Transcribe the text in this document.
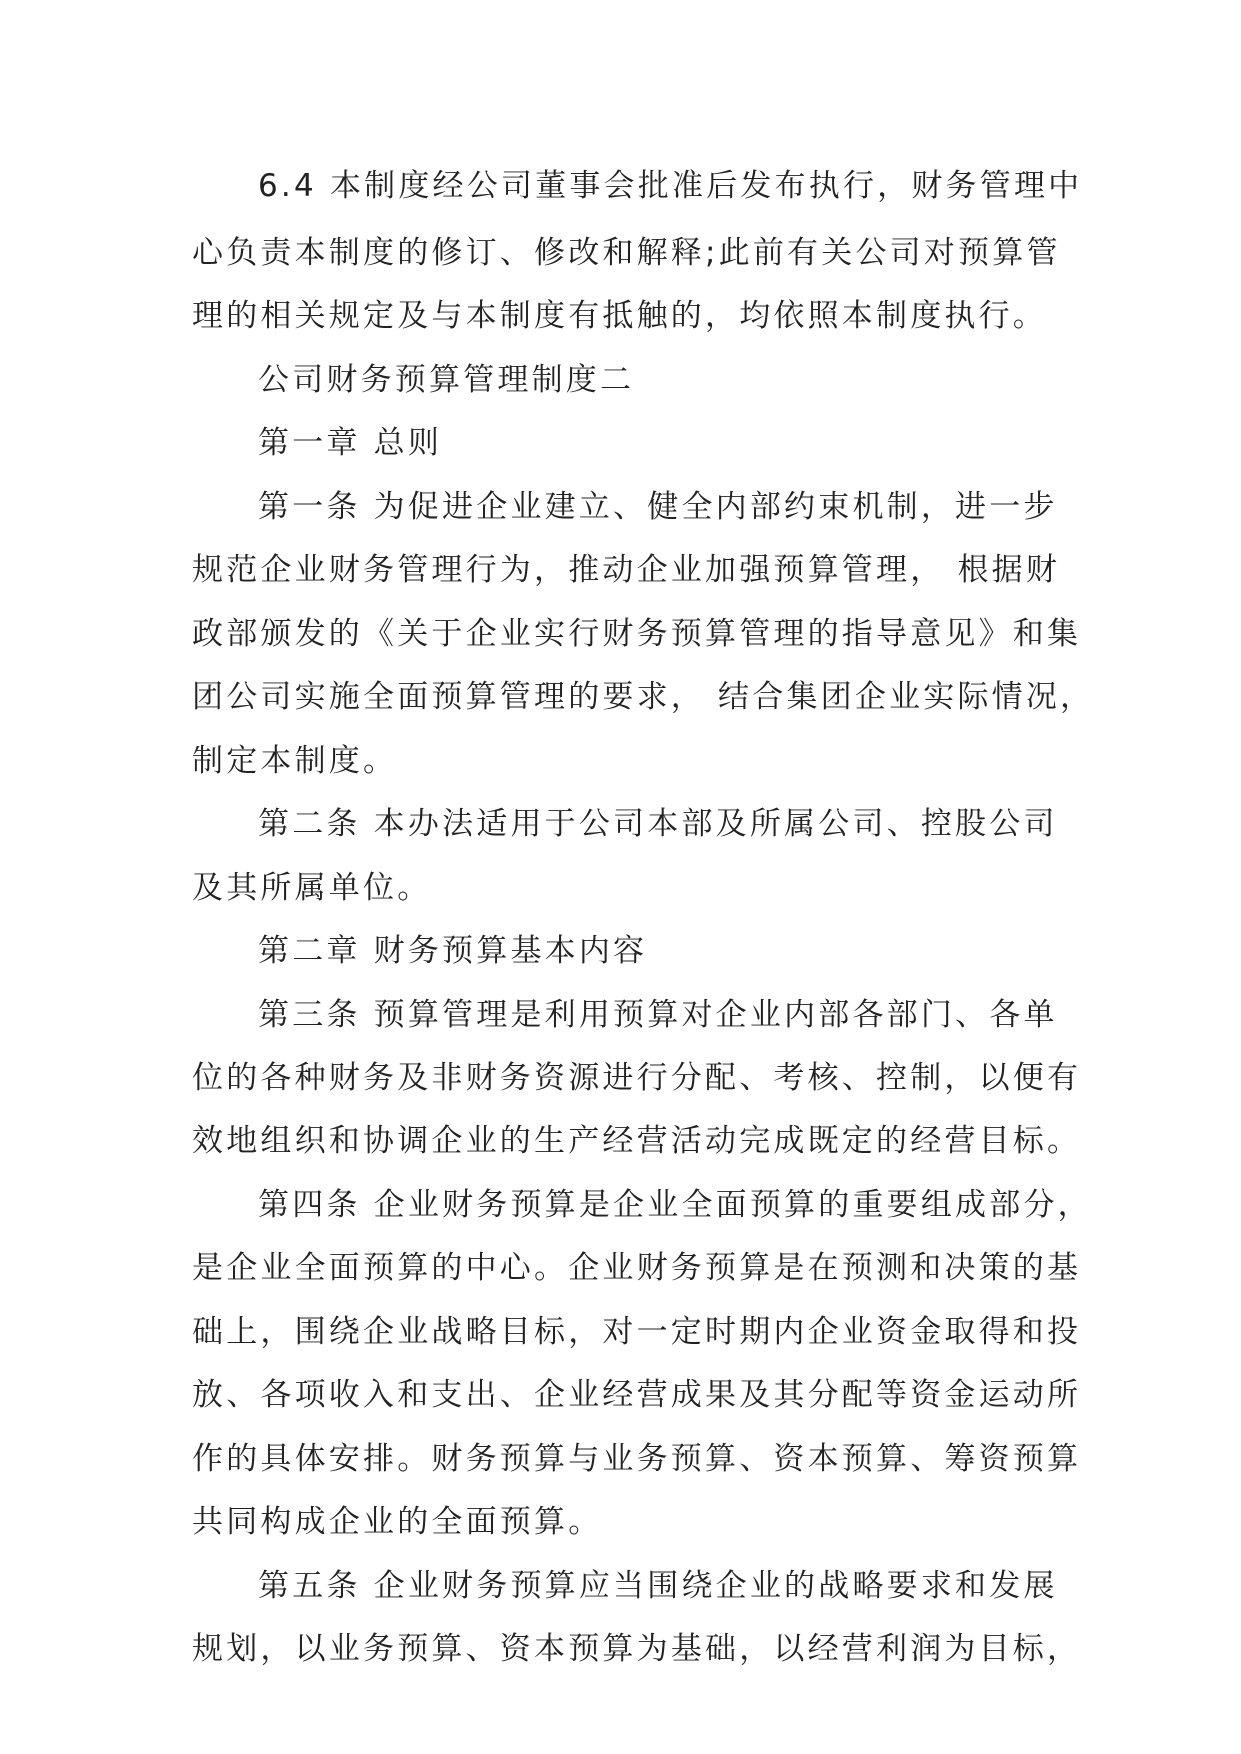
6.4 本制度经公司董事会批准后发布执行，财务管理中

心负责本制度的修订、修改和解释;此前有关公司对预算管

理的相关规定及与本制度有抵触的，均依照本制度执行。

公司财务预算管理制度二

第一章 总则

第一条 为促进企业建立、健全内部约束机制，进一步

规范企业财务管理行为，推动企业加强预算管理， 根据财

政部颁发的《关于企业实行财务预算管理的指导意见》和集

团公司实施全面预算管理的要求， 结合集团企业实际情况，

制定本制度。

第二条 本办法适用于公司本部及所属公司、控股公司

及其所属单位。

第二章 财务预算基本内容

第三条 预算管理是利用预算对企业内部各部门、各单

位的各种财务及非财务资源进行分配、考核、控制，以便有

效地组织和协调企业的生产经营活动完成既定的经营目标。

第四条 企业财务预算是企业全面预算的重要组成部分，

是企业全面预算的中心。企业财务预算是在预测和决策的基

础上，围绕企业战略目标，对一定时期内企业资金取得和投

放、各项收入和支出、企业经营成果及其分配等资金运动所

作的具体安排。财务预算与业务预算、资本预算、筹资预算

共同构成企业的全面预算。

第五条 企业财务预算应当围绕企业的战略要求和发展

规划，以业务预算、资本预算为基础，以经营利润为目标，
